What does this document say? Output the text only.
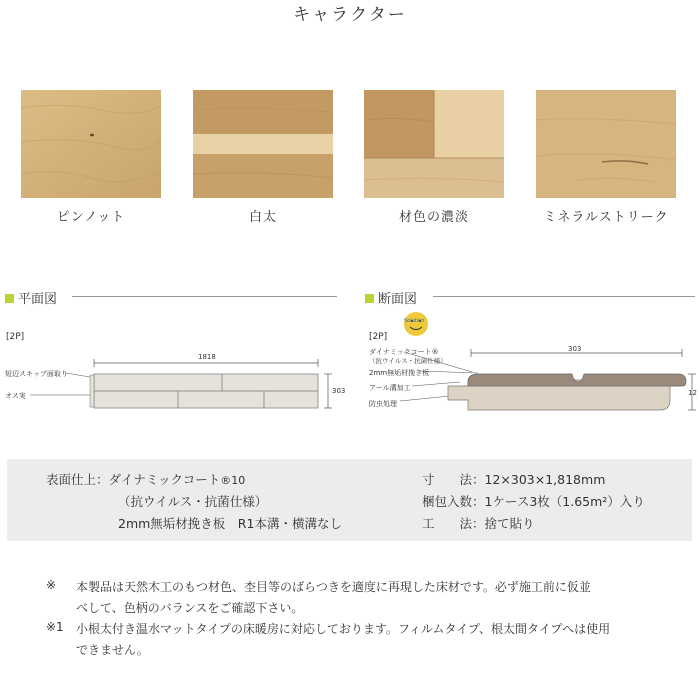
キャラクター
ピンノット	白太	材色の濃淡	ミネラルストリーク
平面図	断面図
[2P]
短辺スキップ面取り
オス実
1818
303
[2P]
Solution
ダイナミックコート®
（抗ウイルス・抗菌仕様）
2mm無垢材挽き板
アール溝加工
防虫処理
303
12
表面仕上：ダイナミックコート®10
（抗ウイルス・抗菌仕様）
2mm無垢材挽き板　R1本溝・横溝なし
寸　　法：12×303×1,818mm
梱包入数：1ケース3枚（1.65m²）入り
工　　法：捨て貼り
※ 本製品は天然木工のもつ材色、杢目等のばらつきを適度に再現した床材です。必ず施工前に仮並
べして、色柄のバランスをご確認下さい。
※1 小根太付き温水マットタイプの床暖房に対応しております。フィルムタイプ、根太間タイプへは使用
できません。
